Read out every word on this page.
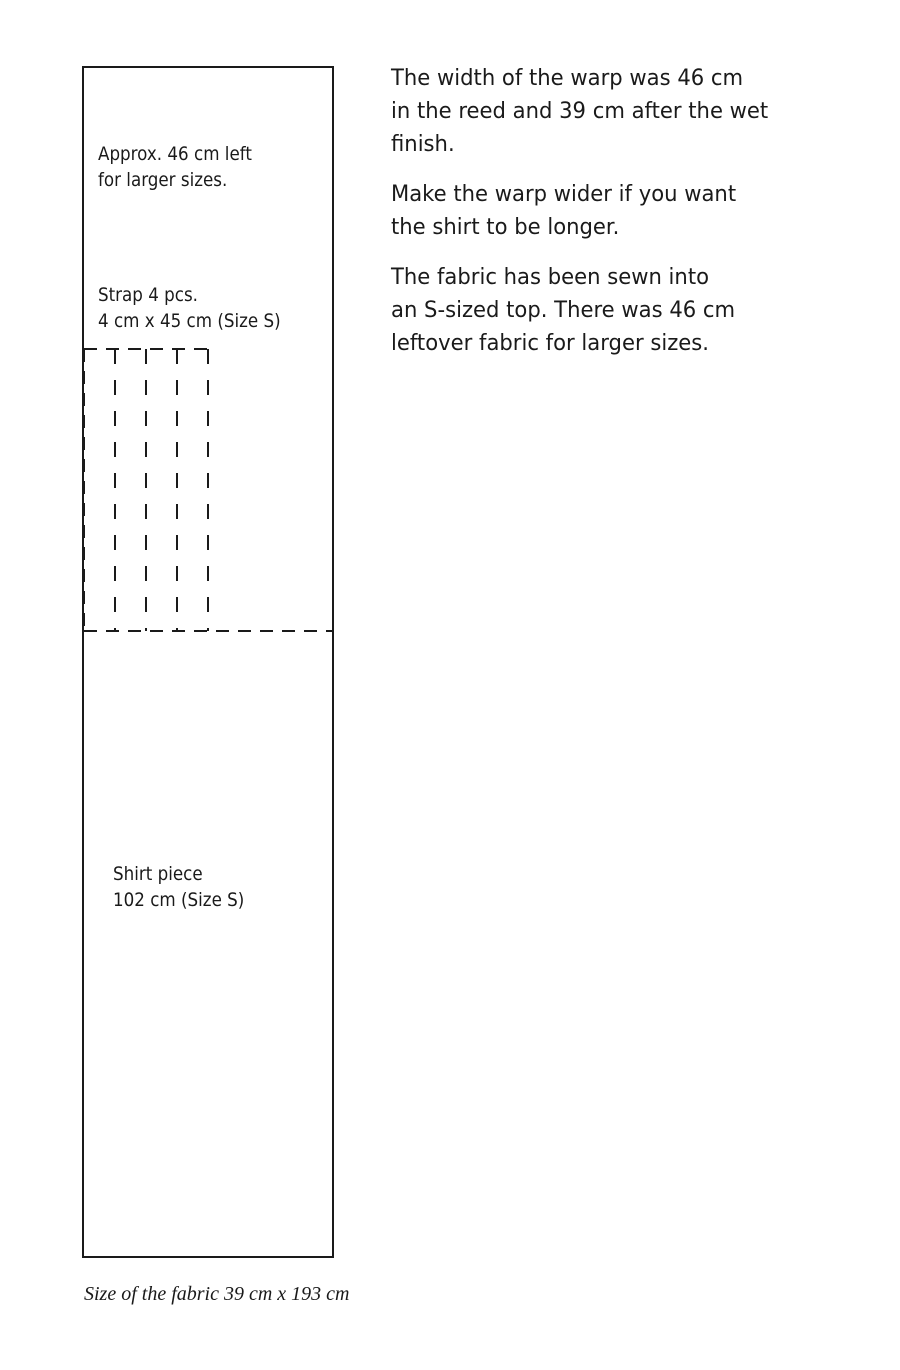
Approx. 46 cm left
for larger sizes.

Strap 4 pcs.
4 cm x 45 cm (Size S)

Shirt piece
102 cm (Size S)

The width of the warp was 46 cm
in the reed and 39 cm after the wet
finish.

Make the warp wider if you want
the shirt to be longer.

The fabric has been sewn into
an S-sized top. There was 46 cm
leftover fabric for larger sizes.

Size of the fabric 39 cm x 193 cm
